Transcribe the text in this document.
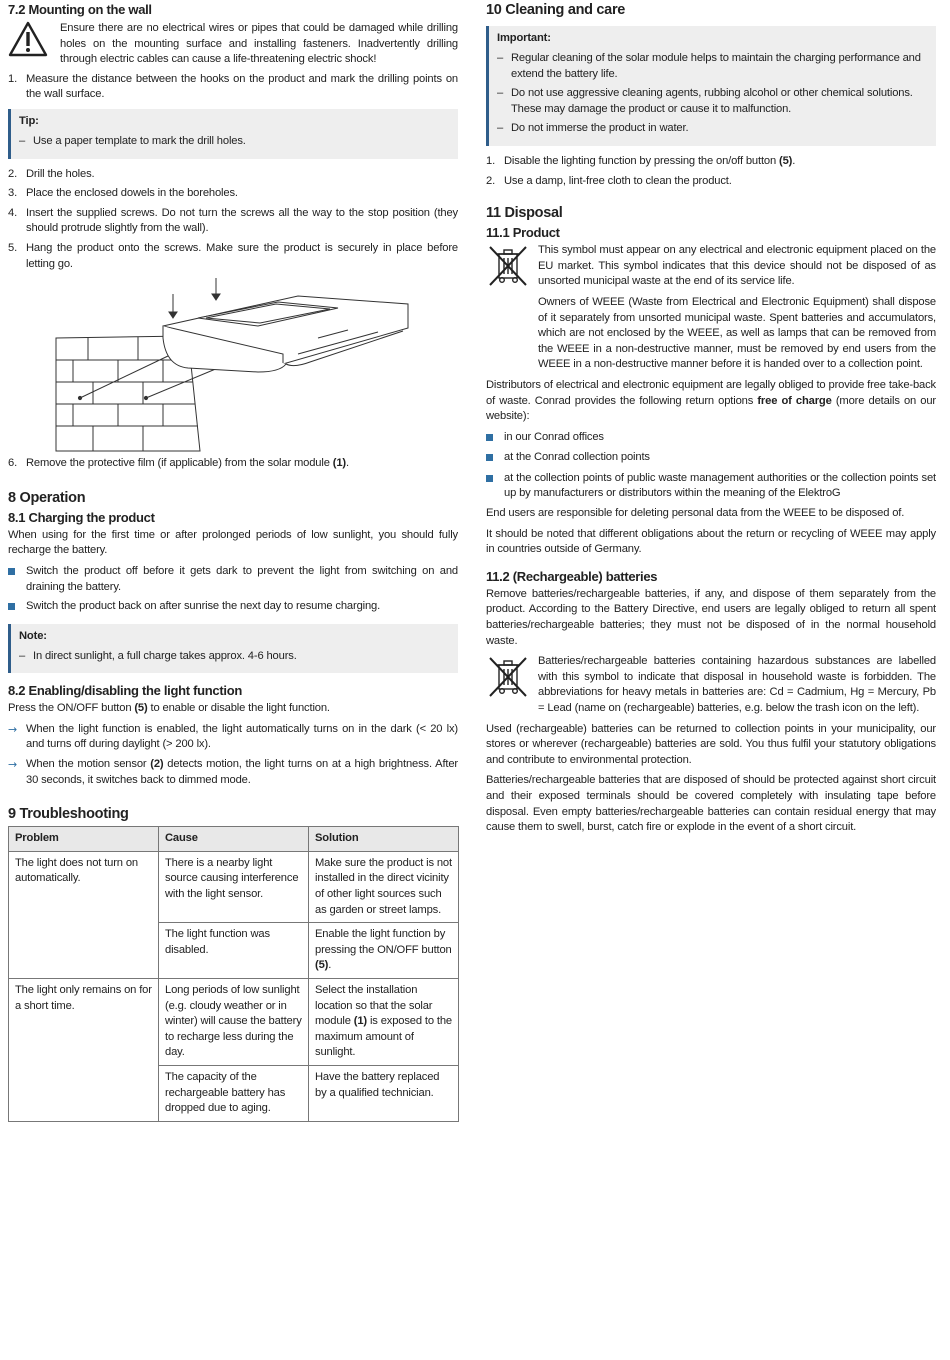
7.2 Mounting on the wall

Ensure there are no electrical wires or pipes that could be damaged while drilling holes on the mounting surface and installing fasteners. Inadvertently drilling through electric cables can cause a life-threatening electric shock!

1. Measure the distance between the hooks on the product and mark the drilling points on the wall surface.
Tip:
– Use a paper template to mark the drill holes.
2. Drill the holes.
3. Place the enclosed dowels in the boreholes.
4. Insert the supplied screws. Do not turn the screws all the way to the stop position (they should protrude slightly from the wall).
5. Hang the product onto the screws. Make sure the product is securely in place before letting go.
6. Remove the protective film (if applicable) from the solar module (1).
8 Operation
8.1 Charging the product

When using for the first time or after prolonged periods of low sunlight, you should fully recharge the battery.

Switch the product off before it gets dark to prevent the light from switching on and draining the battery.
Switch the product back on after sunrise the next day to resume charging.
Note:
– In direct sunlight, a full charge takes approx. 4-6 hours.
8.2 Enabling/disabling the light function

Press the ON/OFF button (5) to enable or disable the light function.

→ When the light function is enabled, the light automatically turns on in the dark (< 20 lx) and turns off during daylight (> 200 lx).
→ When the motion sensor (2) detects motion, the light turns on at a high brightness. After 30 seconds, it switches back to dimmed mode.
9 Troubleshooting
Problem	Cause	Solution
The light does not turn on automatically.	There is a nearby light source causing interference with the light sensor.	Make sure the product is not installed in the direct vicinity of other light sources such as garden or street lamps.
	The light function was disabled.	Enable the light function by pressing the ON/OFF button (5).
The light only remains on for a short time.	Long periods of low sunlight (e.g. cloudy weather or in winter) will cause the battery to recharge less during the day.	Select the installation location so that the solar module (1) is exposed to the maximum amount of sunlight.
	The capacity of the rechargeable battery has dropped due to aging.	Have the battery replaced by a qualified technician.
10 Cleaning and care
Important:
– Regular cleaning of the solar module helps to maintain the charging performance and extend the battery life.
– Do not use aggressive cleaning agents, rubbing alcohol or other chemical solutions. These may damage the product or cause it to malfunction.
– Do not immerse the product in water.
1. Disable the lighting function by pressing the on/off button (5).
2. Use a damp, lint-free cloth to clean the product.
11 Disposal
11.1 Product

This symbol must appear on any electrical and electronic equipment placed on the EU market. This symbol indicates that this device should not be disposed of as unsorted municipal waste at the end of its service life.

Owners of WEEE (Waste from Electrical and Electronic Equipment) shall dispose of it separately from unsorted municipal waste. Spent batteries and accumulators, which are not enclosed by the WEEE, as well as lamps that can be removed from the WEEE in a non-destructive manner, must be removed by end users from the WEEE in a non-destructive manner before it is handed over to a collection point.

Distributors of electrical and electronic equipment are legally obliged to provide free take-back of waste. Conrad provides the following return options free of charge (more details on our website):

in our Conrad offices
at the Conrad collection points
at the collection points of public waste management authorities or the collection points set up by manufacturers or distributors within the meaning of the ElektroG

End users are responsible for deleting personal data from the WEEE to be disposed of.

It should be noted that different obligations about the return or recycling of WEEE may apply in countries outside of Germany.

11.2 (Rechargeable) batteries

Remove batteries/rechargeable batteries, if any, and dispose of them separately from the product. According to the Battery Directive, end users are legally obliged to return all spent batteries/rechargeable batteries; they must not be disposed of in the normal household waste.

Batteries/rechargeable batteries containing hazardous substances are labelled with this symbol to indicate that disposal in household waste is forbidden. The abbreviations for heavy metals in batteries are: Cd = Cadmium, Hg = Mercury, Pb = Lead (name on (rechargeable) batteries, e.g. below the trash icon on the left).

Used (rechargeable) batteries can be returned to collection points in your municipality, our stores or wherever (rechargeable) batteries are sold. You thus fulfil your statutory obligations and contribute to environmental protection.

Batteries/rechargeable batteries that are disposed of should be protected against short circuit and their exposed terminals should be covered completely with insulating tape before disposal. Even empty batteries/rechargeable batteries can contain residual energy that may cause them to swell, burst, catch fire or explode in the event of a short circuit.
